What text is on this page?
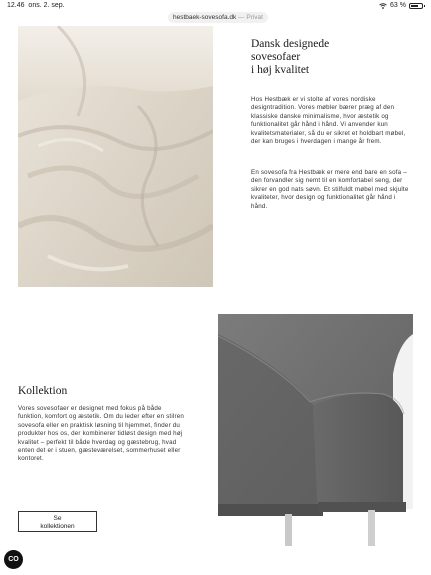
12.46 ons. 2. sep.	63 %
hestbaek-sovesofa.dk — Privat
Dansk designede
sovesofaer
i høj kvalitet

Hos Hestbæk er vi stolte af vores nordiske designtradition. Vores møbler bærer præg af den klassiske danske minimalisme, hvor æstetik og funktionalitet går hånd i hånd. Vi anvender kun kvalitetsmaterialer, så du er sikret et holdbart møbel, der kan bruges i hverdagen i mange år frem.

En sovesofa fra Hestbæk er mere end bare en sofa – den forvandler sig nemt til en komfortabel seng, der sikrer en god nats søvn. Et stilfuldt møbel med skjulte kvaliteter, hvor design og funktionalitet går hånd i hånd.

Kollektion

Vores sovesofaer er designet med fokus på både funktion, komfort og æstetik. Om du leder efter en stilren sovesofa eller en praktisk løsning til hjemmet, finder du produkter hos os, der kombinerer tidløst design med høj kvalitet – perfekt til både hverdag og gæstebrug, hvad enten det er i stuen, gæsteværelset, sommerhuset eller kontoret.

Se
kollektionen
CO
